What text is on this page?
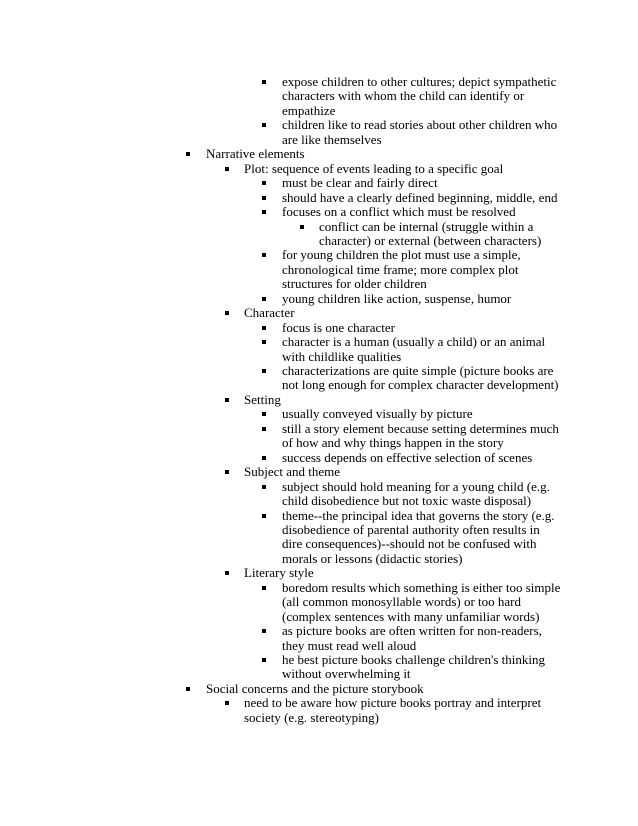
expose children to other cultures; depict sympathetic
characters with whom the child can identify or
empathize
children like to read stories about other children who
are like themselves
Narrative elements
Plot: sequence of events leading to a specific goal
must be clear and fairly direct
should have a clearly defined beginning, middle, end
focuses on a conflict which must be resolved
conflict can be internal (struggle within a
character) or external (between characters)
for young children the plot must use a simple,
chronological time frame; more complex plot
structures for older children
young children like action, suspense, humor
Character
focus is one character
character is a human (usually a child) or an animal
with childlike qualities
characterizations are quite simple (picture books are
not long enough for complex character development)
Setting
usually conveyed visually by picture
still a story element because setting determines much
of how and why things happen in the story
success depends on effective selection of scenes
Subject and theme
subject should hold meaning for a young child (e.g.
child disobedience but not toxic waste disposal)
theme--the principal idea that governs the story (e.g.
disobedience of parental authority often results in
dire consequences)--should not be confused with
morals or lessons (didactic stories)
Literary style
boredom results which something is either too simple
(all common monosyllable words) or too hard
(complex sentences with many unfamiliar words)
as picture books are often written for non-readers,
they must read well aloud
he best picture books challenge children's thinking
without overwhelming it
Social concerns and the picture storybook
need to be aware how picture books portray and interpret
society (e.g. stereotyping)
